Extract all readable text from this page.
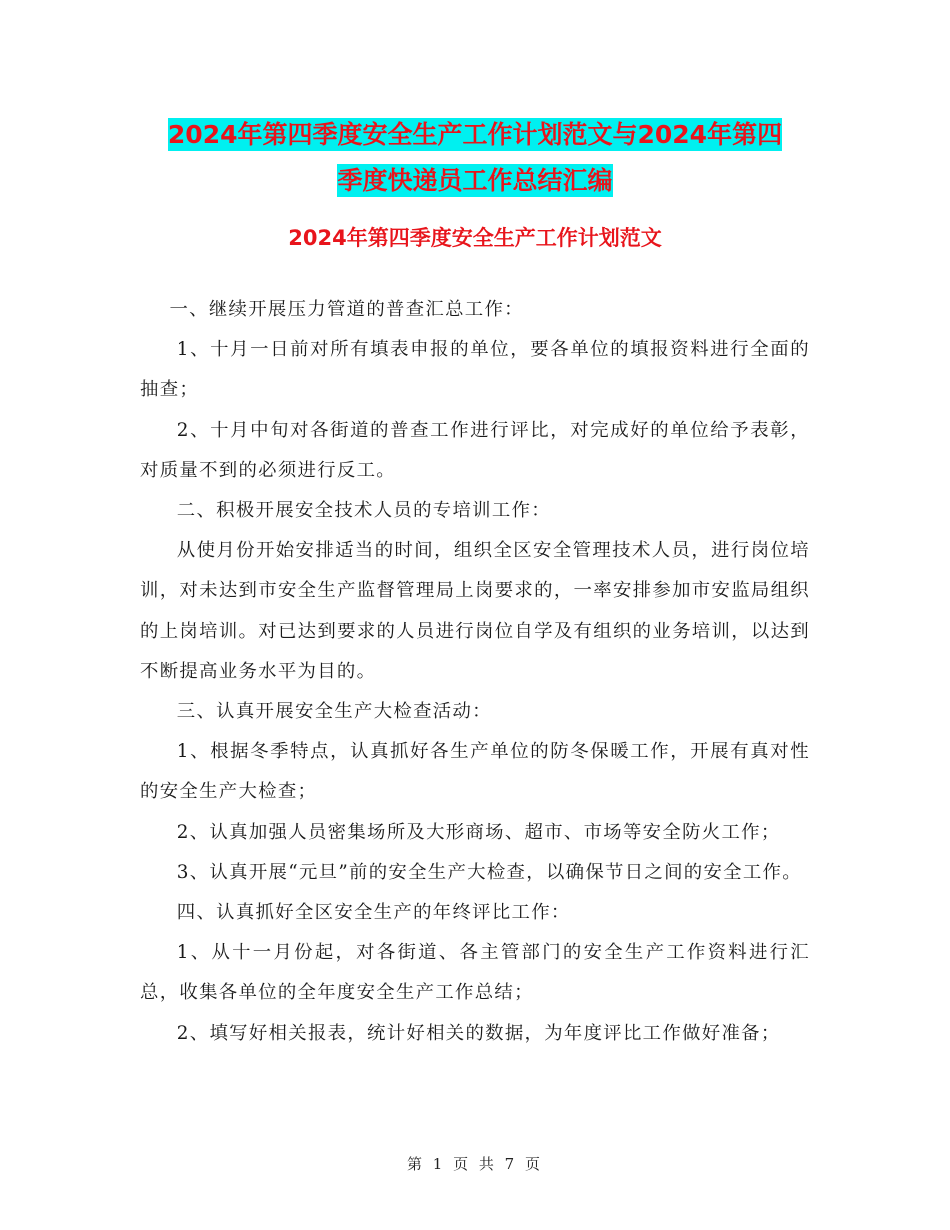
2024年第四季度安全生产工作计划范文与2024年第四
季度快递员工作总结汇编
2024年第四季度安全生产工作计划范文

一、继续开展压力管道的普查汇总工作：

1、十月一日前对所有填表申报的单位，要各单位的填报资料进行全面的抽查；

2、十月中旬对各街道的普查工作进行评比，对完成好的单位给予表彰，对质量不到的必须进行反工。

二、积极开展安全技术人员的专培训工作：

从使月份开始安排适当的时间，组织全区安全管理技术人员，进行岗位培训，对未达到市安全生产监督管理局上岗要求的，一率安排参加市安监局组织的上岗培训。对已达到要求的人员进行岗位自学及有组织的业务培训，以达到不断提高业务水平为目的。

三、认真开展安全生产大检查活动：

1、根据冬季特点，认真抓好各生产单位的防冬保暖工作，开展有真对性的安全生产大检查；

2、认真加强人员密集场所及大形商场、超市、市场等安全防火工作；

3、认真开展“元旦”前的安全生产大检查，以确保节日之间的安全工作。

四、认真抓好全区安全生产的年终评比工作：

1、从十一月份起，对各街道、各主管部门的安全生产工作资料进行汇总，收集各单位的全年度安全生产工作总结；

2、填写好相关报表，统计好相关的数据，为年度评比工作做好准备；

第 1 页 共 7 页
